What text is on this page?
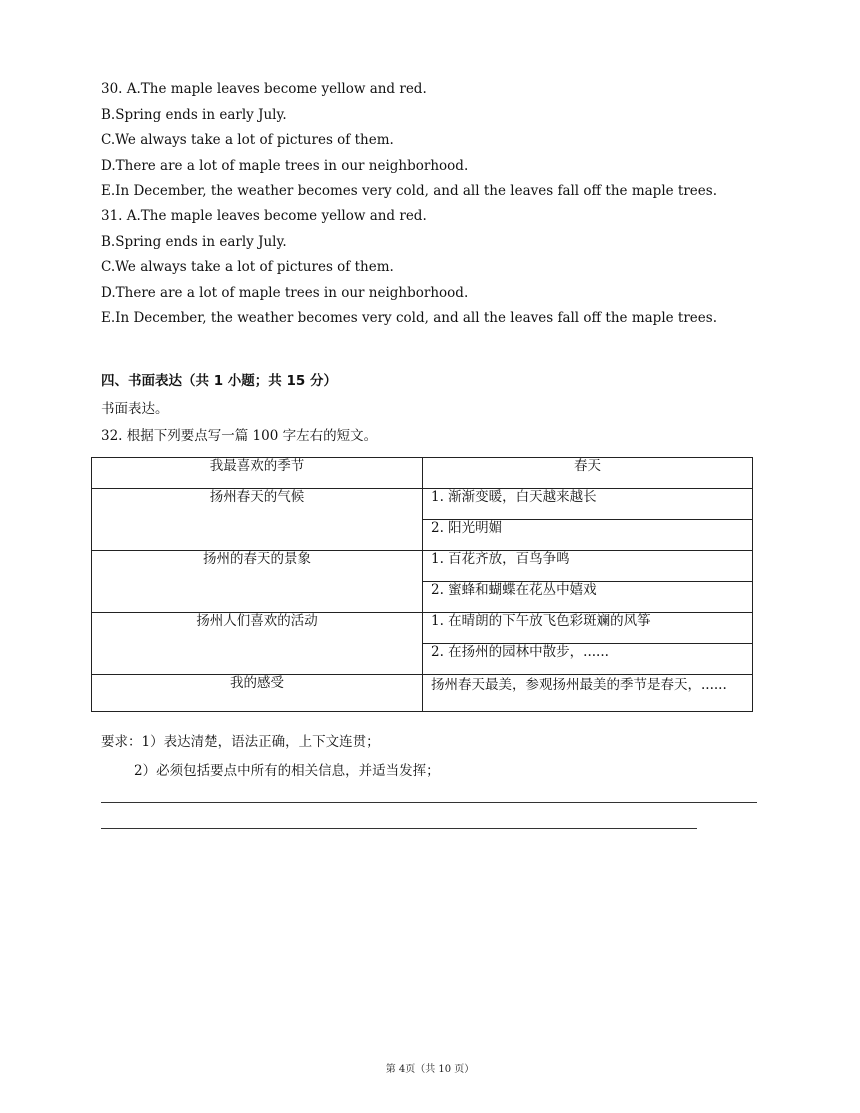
30. A.The maple leaves become yellow and red.
B.Spring ends in early July.
C.We always take a lot of pictures of them.
D.There are a lot of maple trees in our neighborhood.
E.In December, the weather becomes very cold, and all the leaves fall off the maple trees.
31. A.The maple leaves become yellow and red.
B.Spring ends in early July.
C.We always take a lot of pictures of them.
D.There are a lot of maple trees in our neighborhood.
E.In December, the weather becomes very cold, and all the leaves fall off the maple trees.
四、书面表达（共 1 小题；共 15 分）
书面表达。
32. 根据下列要点写一篇 100 字左右的短文。
我最喜欢的季节	春天
扬州春天的气候	1. 渐渐变暖，白天越来越长
	2. 阳光明媚
扬州的春天的景象	1. 百花齐放，百鸟争鸣
	2. 蜜蜂和蝴蝶在花丛中嬉戏
扬州人们喜欢的活动	1. 在晴朗的下午放飞色彩斑斓的风筝
	2. 在扬州的园林中散步，......
我的感受	扬州春天最美，参观扬州最美的季节是春天，......
要求：1）表达清楚，语法正确，上下文连贯；
2）必须包括要点中所有的相关信息，并适当发挥；
第 4页（共 10 页）
